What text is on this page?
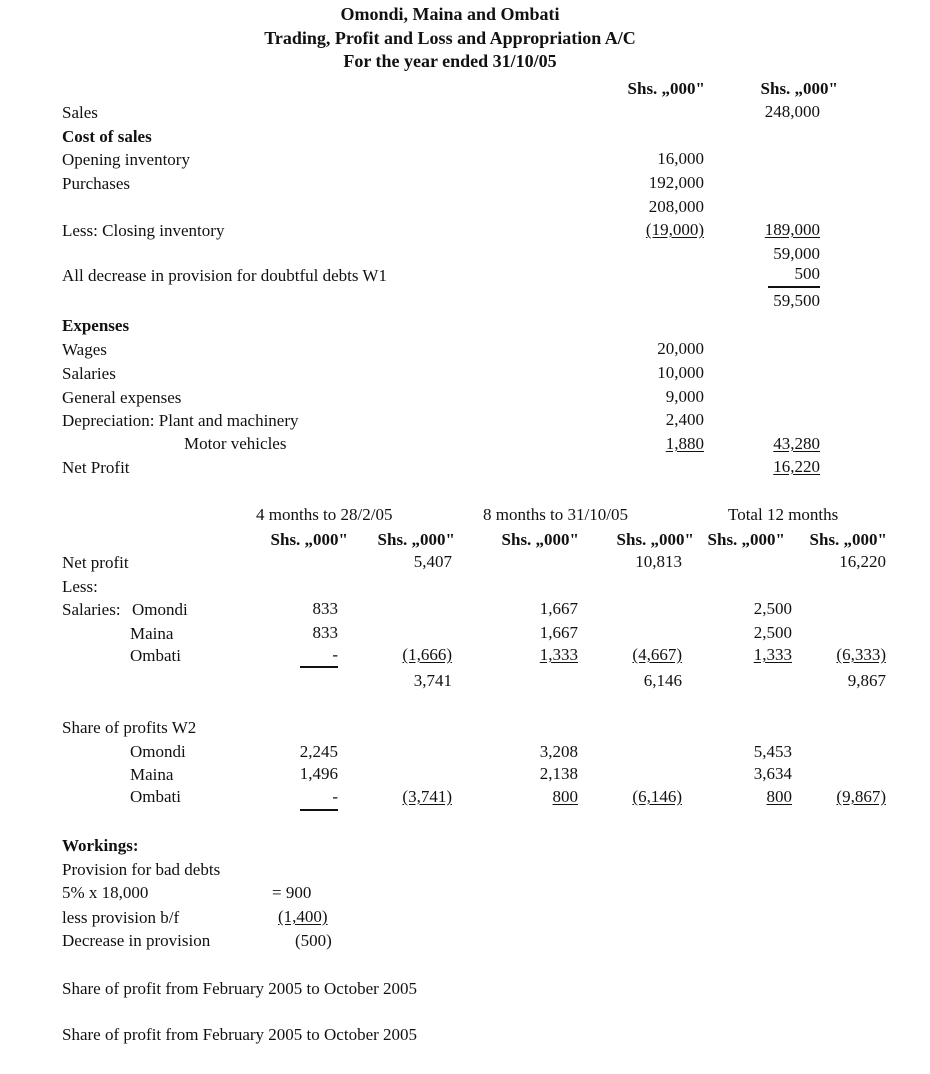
Omondi, Maina and Ombati
Trading, Profit and Loss and Appropriation A/C
For the year ended 31/10/05
Shs. „000"	Shs. „000"
Sales	248,000
Cost of sales
Opening inventory	16,000
Purchases	192,000
208,000
Less: Closing inventory	(19,000)	189,000
59,000
All decrease in provision for doubtful debts W1	500
59,500
Expenses
Wages	20,000
Salaries	10,000
General expenses	9,000
Depreciation: Plant and machinery	2,400
Motor vehicles	1,880	43,280
Net Profit	16,220
4 months to 28/2/05	8 months to 31/10/05	Total 12 months
Shs. „000"	Shs. „000"	Shs. „000"	Shs. „000" Shs. „000"	Shs. „000"
Net profit	5,407	10,813	16,220
Less:
Salaries: Omondi	833	1,667	2,500
Maina	833	1,667	2,500
Ombati	-	1,333	1,333
(1,666)	(4,667)	(6,333)
3,741	6,146	9,867
Share of profits W2
Omondi	2,245	3,208	5,453
Maina	1,496	2,138	3,634
Ombati	-	800	800
(3,741)	(6,146)	(9,867)
Workings:
Provision for bad debts
5% x 18,000	= 900
less provision b/f	(1,400)
Decrease in provision	(500)
Share of profit from February 2005 to October 2005
Share of profit from February 2005 to October 2005
